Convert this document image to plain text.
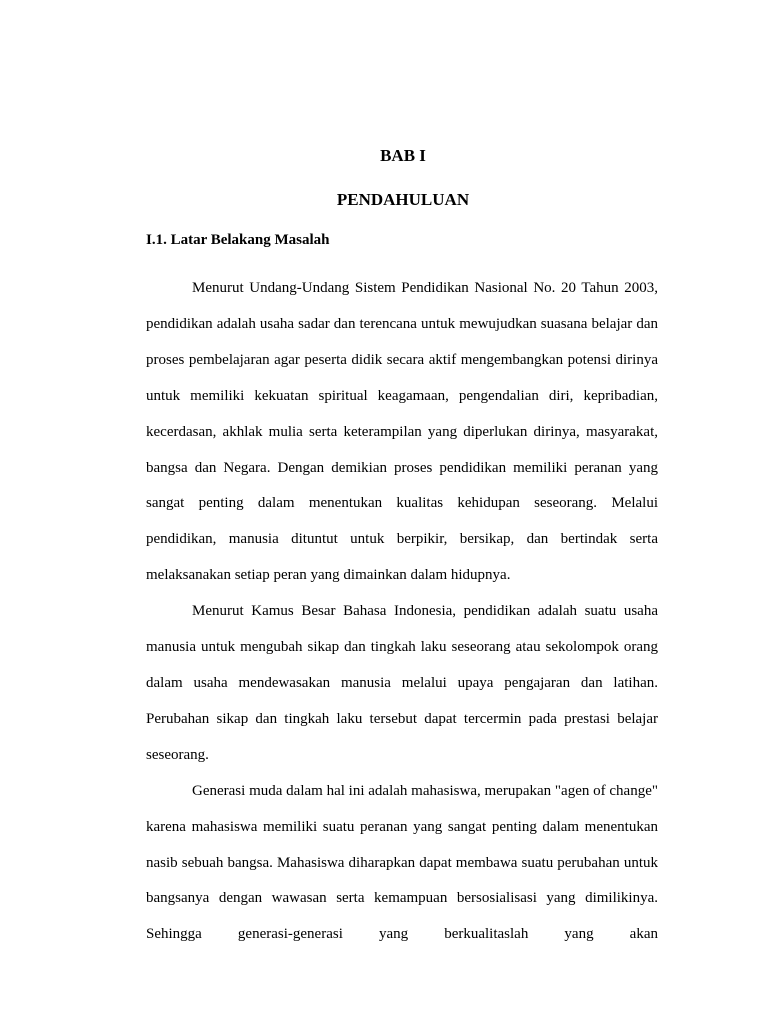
BAB I
PENDAHULUAN
I.1. Latar Belakang Masalah

Menurut Undang-Undang Sistem Pendidikan Nasional No. 20 Tahun 2003, pendidikan adalah usaha sadar dan terencana untuk mewujudkan suasana belajar dan proses pembelajaran agar peserta didik secara aktif mengembangkan potensi dirinya untuk memiliki kekuatan spiritual keagamaan, pengendalian diri, kepribadian, kecerdasan, akhlak mulia serta keterampilan yang diperlukan dirinya, masyarakat, bangsa dan Negara. Dengan demikian proses pendidikan memiliki peranan yang sangat penting dalam menentukan kualitas kehidupan seseorang. Melalui pendidikan, manusia dituntut untuk berpikir, bersikap, dan bertindak serta
melaksanakan setiap peran yang dimainkan dalam hidupnya.

Menurut Kamus Besar Bahasa Indonesia, pendidikan adalah suatu usaha manusia untuk mengubah sikap dan tingkah laku seseorang atau sekolompok orang dalam usaha mendewasakan manusia melalui upaya pengajaran dan latihan. Perubahan sikap dan tingkah laku tersebut dapat tercermin pada prestasi belajar
seseorang.

Generasi muda dalam hal ini adalah mahasiswa, merupakan "agen of change" karena mahasiswa memiliki suatu peranan yang sangat penting dalam menentukan nasib sebuah bangsa. Mahasiswa diharapkan dapat membawa suatu perubahan untuk bangsanya dengan wawasan serta kemampuan bersosialisasi yang dimilikinya. Sehingga generasi-generasi yang berkualitaslah yang akan
